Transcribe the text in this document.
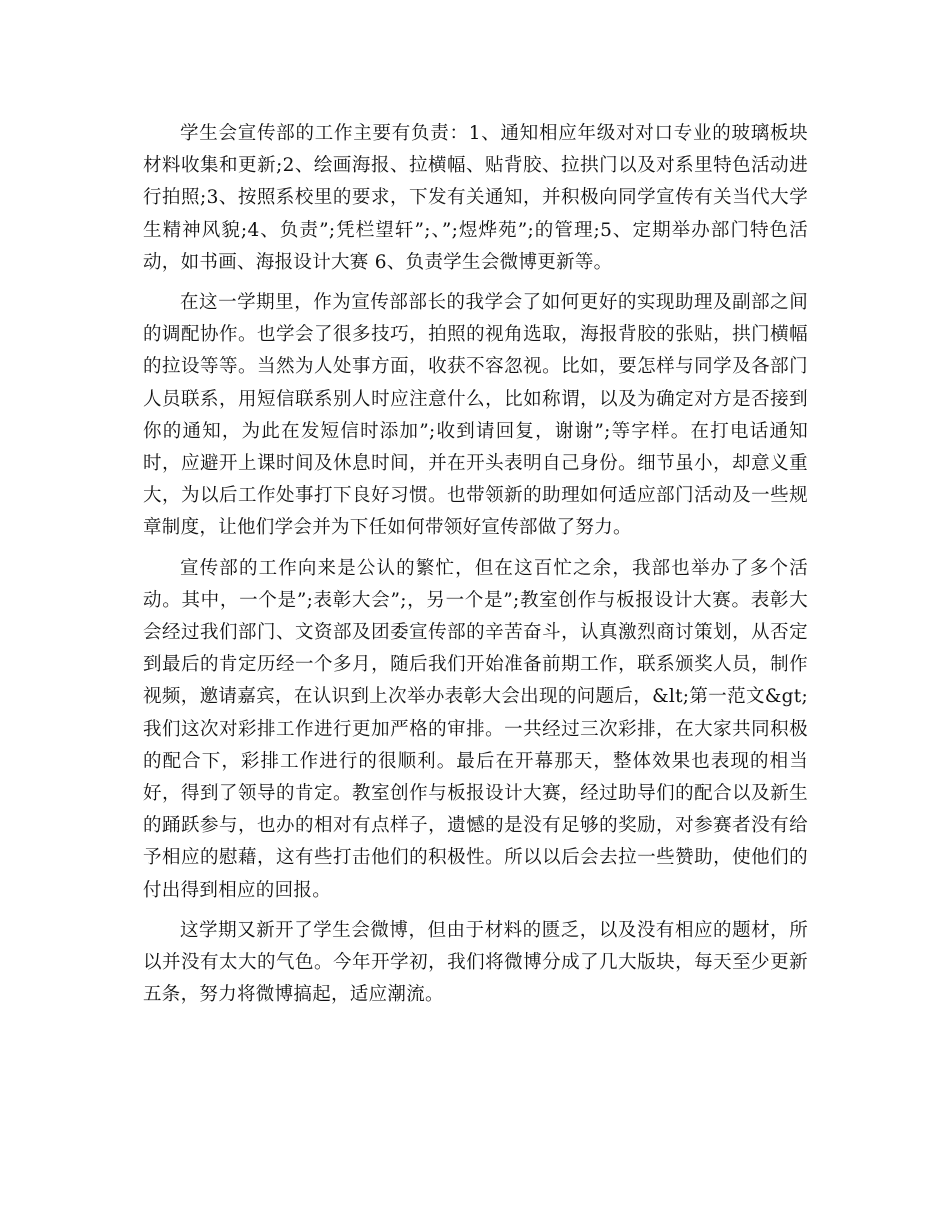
学生会宣传部的工作主要有负责：1、通知相应年级对对口专业的玻璃板块材料收集和更新;2、绘画海报、拉横幅、贴背胶、拉拱门以及对系里特色活动进行拍照;3、按照系校里的要求，下发有关通知，并积极向同学宣传有关当代大学生精神风貌;4、负责”;凭栏望轩”;、”;煜烨苑”;的管理;5、定期举办部门特色活动，如书画、海报设计大赛 6、负责学生会微博更新等。

在这一学期里，作为宣传部部长的我学会了如何更好的实现助理及副部之间的调配协作。也学会了很多技巧，拍照的视角选取，海报背胶的张贴，拱门横幅的拉设等等。当然为人处事方面，收获不容忽视。比如，要怎样与同学及各部门人员联系，用短信联系别人时应注意什么，比如称谓，以及为确定对方是否接到你的通知，为此在发短信时添加”;收到请回复，谢谢”;等字样。在打电话通知时，应避开上课时间及休息时间，并在开头表明自己身份。细节虽小，却意义重大，为以后工作处事打下良好习惯。也带领新的助理如何适应部门活动及一些规章制度，让他们学会并为下任如何带领好宣传部做了努力。

宣传部的工作向来是公认的繁忙，但在这百忙之余，我部也举办了多个活动。其中，一个是”;表彰大会”;，另一个是”;教室创作与板报设计大赛。表彰大会经过我们部门、文资部及团委宣传部的辛苦奋斗，认真激烈商讨策划，从否定到最后的肯定历经一个多月，随后我们开始准备前期工作，联系颁奖人员，制作视频，邀请嘉宾，在认识到上次举办表彰大会出现的问题后，&lt;第一范文&gt;我们这次对彩排工作进行更加严格的审排。一共经过三次彩排，在大家共同积极的配合下，彩排工作进行的很顺利。最后在开幕那天，整体效果也表现的相当好，得到了领导的肯定。教室创作与板报设计大赛，经过助导们的配合以及新生的踊跃参与，也办的相对有点样子，遗憾的是没有足够的奖励，对参赛者没有给予相应的慰藉，这有些打击他们的积极性。所以以后会去拉一些赞助，使他们的付出得到相应的回报。

这学期又新开了学生会微博，但由于材料的匮乏，以及没有相应的题材，所以并没有太大的气色。今年开学初，我们将微博分成了几大版块，每天至少更新五条，努力将微博搞起，适应潮流。
